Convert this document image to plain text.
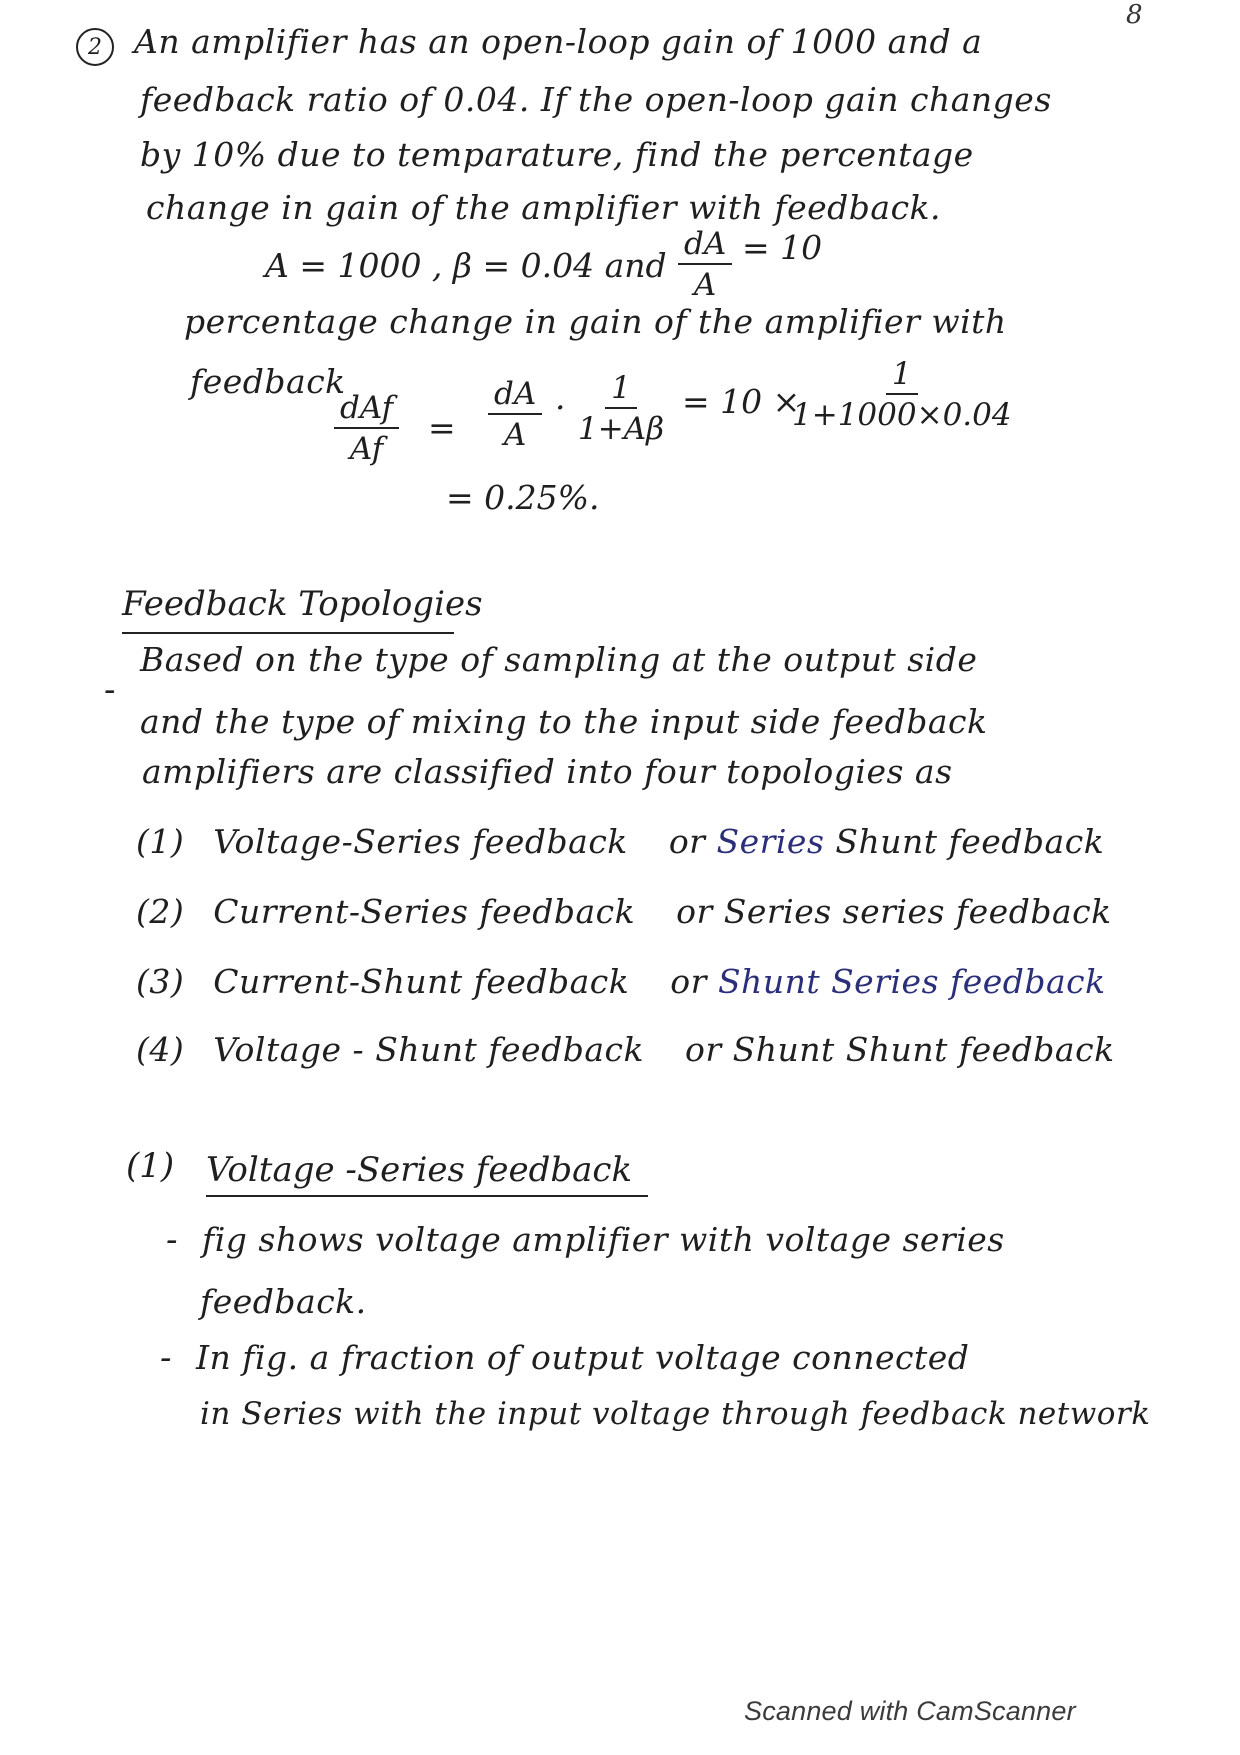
8
2 An amplifier has an open-loop gain of 1000 and a
feedback ratio of 0.04. If the open-loop gain changes
by 10% due to temparature, find the percentage
change in gain of the amplifier with feedback.
A = 1000 , β = 0.04 and $\frac{dA}{A} = 10$
percentage change in gain of the amplifier with
feedback
dAf
Af
= $\frac{dA}{A} \cdot \frac{1}{1+A\beta} = 10$ ×
$\frac{1}{1+1000\times 0.04}$
= 0.25%.
Feedback Topologies
-
Based on the type of sampling at the output side
and the type of mixing to the input side feedback
amplifiers are classified into four topologies as
(1) Voltage-Series feedback or Series Shunt feedback
(2) Current-Series feedback or Series series feedback
(3) Current-Shunt feedback or Shunt Series feedback
(4) Voltage - Shunt feedback or Shunt Shunt feedback
(1) Voltage -Series feedback
- fig shows voltage amplifier with voltage series
feedback.
- In fig. a fraction of output voltage connected
in Series with the input voltage through feedback network
Scanned with CamScanner
